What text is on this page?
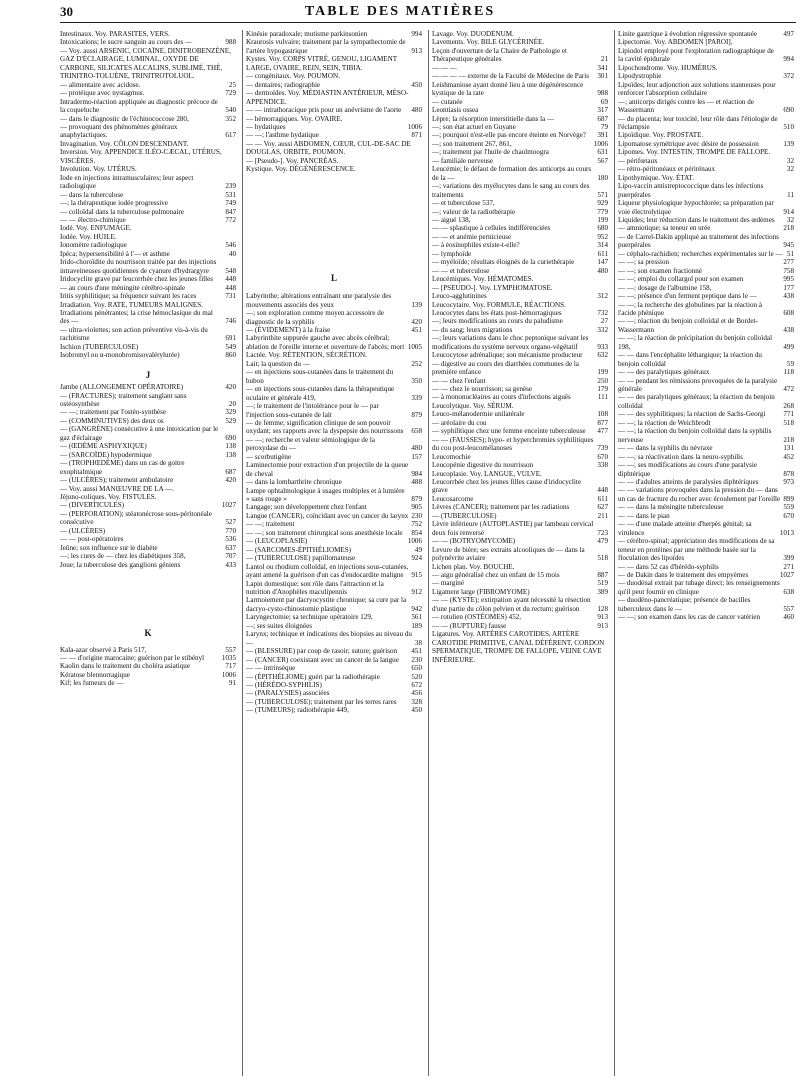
30	TABLE DES MATIÈRES
Intestinaux. Voy. PARASITES, VERS.
Intoxications; le sucre sanguin au cours des —	988
— Voy. aussi ARSENIC, COCAÏNE, DINITROBENZÈNE, GAZ D'ÉCLAIRAGE, LUMINAL, OXYDE DE CARBONE, SILICATES ALCALINS, SUBLIMÉ, THÉ, TRINITRO-TOLUÈNE, TRINITROTOLUOL.
— alimentaire avec acidose.	25
— protéique avec nystagmus.	729
Intradermo-réaction appliquée au diagnostic précoce de la coqueluche	540
— dans le diagnostic de l'échinococcose 280,	352
— provoquant des phénomènes généraux anaphylactiques.	617
Invagination. Voy. CÔLON DESCENDANT.
Inversion. Voy. APPENDICE ILÉO-CÆCAL, UTÉRUS, VISCÈRES.
Involution. Voy. UTÉRUS.
Iode en injections intramusculaires; leur aspect radiologique	239
— dans la tuberculose	531
—; la thérapeutique iodée progressive	749
— colloïdal dans la tuberculose pulmonaire	847
— — électro-chimique	772
Iodé. Voy. ENFUMAGE.
Iodée. Voy. HUILE.
Ionomètre radiologique	546
Ipéca; hypersensibilité à l'— et asthme	40
Irido-choroïdite du nourrisson traitée par des injections intraveineuses quotidiennes de cyanure d'hydrargyre	548
Iridocyclite grave par leucorrhée chez les jeunes filles	448
— au cours d'une méningite cérébro-spinale	448
Iritis syphilitique; sa fréquence suivant les races	731
Irradiation. Voy. RATE, TUMEURS MALIGNES.
Irradiations pénétrantes; la crise hémoclasique du mal des —	746
— ultra-violettes; son action préventive vis-à-vis du rachitisme	691
Ischion (TUBERCULOSE)	549
Isobromyl ou α-monobromisovalérylurée)	860
J
Jambe (ALLONGEMENT OPÉRATOIRE)	420
— (FRACTURES); traitement sanglant sans ostéosynthèse	20
— —; traitement par l'ostéo-synthèse	329
— (COMMINUTIVES) des deux os	529
— (GANGRÈNE) consécutive à une intoxication par le gaz d'éclairage	690
— (ŒDÈME ASPHYXIQUE)	138
— (SARCOÏDE) hypodermique	138
— (TROPHŒDÈME) dans un cas de goitre exophtalmique	687
— (ULCÈRES); traitement ambulatoire	420
— Voy. aussi MANŒUVRE DE LA —.
Jéjuno-coliques. Voy. FISTULES.
— (DIVERTICULES)	1027
— (PERFORATION); stéatonécrose sous-péritonéale consécutive	527
— (ULCÈRES)	770
— — post-opératoires	536
Jeûne; son influence sur le diabète	637
—; les cures de — chez les diabétiques 358,	707
Joue; la tuberculose des ganglions géniens	433
K
Kala-azar observé à Paris 517,	557
— — d'origine marocaine; guérison par le stibényl	1035
Kaolin dans le traitement du choléra asiatique	717
Kératose blennorragique	1006
Kif; les fumeurs de —	91
Kinésie paradoxale; mutisme parkinsonien	994
Kraurosis vulvaire; traitement par la sympathectomie de l'artère hypogastrique	913
Kystes. Voy. CORPS VITRÉ, GENOU, LIGAMENT LARGE, OVAIRE, REIN, SEIN, TIBIA.
— congénitaux. Voy. POUMON.
— dentaires; radiographie	450
— dermoïdes. Voy. MÉDIASTIN ANTÉRIEUR, MÉSO-APPENDICE.
— — intrathoracique pris pour un anévrisme de l'aorte	480
— hémorragiques. Voy. OVAIRE.
— hydatiques	1006
— —; l'asthme hydatique	871
— — Voy. aussi ABDOMEN, CŒUR, CUL-DE-SAC DE DOUGLAS, ORBITE, POUMON.
— [Pseudo-]. Voy. PANCRÉAS.
Kystique. Voy. DÉGÉNÉRESCENCE.
L
Labyrinthe; altérations entraînant une paralysie des mouvements associés des yeux	139
—; son exploration comme moyen accessoire de diagnostic de la syphilis	420
— (ÉVIDEMENT) à la fraise	451
Labyrinthite suppurée gauche avec abcès cérébral; ablation de l'oreille interne et ouverture de l'abcès; mort 1005
Lactée. Voy. RÉTENTION, SÉCRÉTION.
Lait; la question du —	252
— en injections sous-cutanées dans le traitement du bubon	350
— en injections sous-cutanées dans la thérapeutique oculaire et générale 419,	339
—; le traitement de l'intolérance pour le — par l'injection sous-cutanée de lait	879
— de femme; signification clinique de son pouvoir oxydant; ses rapports avec la dyspepsie des nourrissons	658
— —; recherche et valeur sémiologique de la peroxydase du —	480
— scorbutigène	157
Laminectomie pour extraction d'un projectile de la queue de cheval	984
— dans la lombarthrite chronique	488
Lampe ophtalmologique à usages multiples et à lumière « sans rouge »	879
Langage; son développement chez l'enfant	905
Langue (CANCER), coïncidant avec un cancer du larynx 230
— —; traitement	752
— —; son traitement chirurgical sous anesthésie locale	854
— (LEUCOPLASIE)	1006
— (SARCOMES-ÉPITHÉLIOMES)	49
— (TUBERCULOSE) papillomateuse	924
Lantol ou rhodium colloïdal, en injections sous-cutanées, ayant amené la guérison d'un cas d'endocardite maligne	915
Lapin domestique; son rôle dans l'attraction et la nutrition d'Anophèles maculipennis	912
Larmoiement par dacryocystite chronique; sa cure par la dacryo-cysto-rhinostomie plastique	942
Laryngectomie; sa technique opératoire 129,	561
—; ses suites éloignées	189
Larynx; technique et indications des biopsies au niveau du —	38
— (BLESSURE) par coup de rasoir; suture; guérison	451
— (CANCER) coexistant avec un cancer de la langue	230
— — intrinsèque	650
— (ÉPITHÉLIOME) guéri par la radiothérapie	520
— (HÉRÉDO-SYPHILIS)	672
— (PARALYSIES) associées	456
— (TUBERCULOSE); traitement par les terres rares	328
— (TUMEURS); radiothérapie 449,	450
Lavage. Voy. DUODÉNUM.
Lavements. Voy. BILE GLYCÉRINÉE.
Leçon d'ouverture de la Chaire de Pathologie et Thérapeutique générales	21
— — —	341
— — — — externe de la Faculté de Médecine de Paris	301
Leishmaniose ayant donné lieu à une dégénérescence kystique de la rate	988
— cutanée	69
Leontiasis ossea	317
Lèpre; la résorption interstitielle dans la —	687
—; son état actuel en Guyane	79
—; pourquoi n'est-elle pas encore éteinte en Norvège?	391
—; son traitement 267, 861,	1006
—; traitement par l'huile de chaulmoogra	631
— familiale nerveuse	567
Leucémie; le défaut de formation des anticorps au cours de la —	180
—; variations des myélocytes dans le sang au cours des traitements	571
— et tuberculose 537,	929
—; valeur de la radiothérapie	779
— aiguë 138,	199
— — splastique à cellules indifférenciées	680
— — et anémie pernicieuse	952
— à éosinophiles existe-t-elle?	314
— lymphoïde	611
— myéloïde; résultats éloignés de la curiethérapie	147
— — et tuberculose	480
Leucémiques. Voy. HÉMATOMES.
— [PSEUDO-]. Voy. LYMPHOMATOSE.
Leuco-agglutinines	312
Leucocytaire. Voy. FORMULE, RÉACTIONS.
Leucocytes dans les états post-hémorragiques	732
—; leurs modifications au cours du paludisme	27
— du sang; leurs migrations	332
—; leurs variations dans le choc peptonique suivant les modifications du système nerveux organo-végétatif	933
Leucocytose adrénalique; son mécanisme producteur	632
— digestive au cours des diarrhées communes de la première enfance	199
— — chez l'enfant	250
— — chez le nourrisson; sa genèse	179
— à mononucléaires au cours d'infections aiguës	111
Leucolytique. Voy. SÉRUM.
Leuco-mélanodermie unilatérale	108
— aréolaire du cou	877
— syphilitique chez une femme enceinte tuberculeuse	477
— — (FAUSSES); hypo- et hyperchromies syphilitiques du cou post-leucomélanoses	739
Leucomochie	670
Leucopénie digestive du nourrisson	338
Leucoplasie. Voy. LANGUE, VULVE.
Leucorrhée chez les jeunes filles cause d'iridocyclite grave	448
Leucosarcome	611
Lèvres (CANCER); traitement par les radiations	627
— (TUBERCULOSE)	211
Lèvre inférieure (AUTOPLASTIE) par lambeau cervical deux fois renversé	723
— — (BOTRYOMYCOME)	479
Levure de bière; ses extraits alcooliques de — dans la polynévrite aviaire	518
Lichen plan. Voy. BOUCHE.
— aigu généralisé chez un enfant de 15 mois	887
— marginé	519
Ligament large (FIBROMYOME)	389
— — (KYSTE); extirpation ayant nécessité la résection d'une partie du côlon pelvien et du rectum; guérison	128
— rotulien (OSTÉOMES) 452,	913
— — (RUPTURE) fausse	913
Ligatures. Voy. ARTÈRES CAROTIDES, ARTÈRE CAROTIDE PRIMITIVE, CANAL DÉFÉRENT, CORDON SPERMATIQUE, TROMPE DE FALLOPE, VEINE CAVE INFÉRIEURE.
Linite gastrique à évolution régressive spontanée	497
Lipectomie. Voy. ABDOMEN [PAROI].
Lipiodol employé pour l'exploration radiographique de la cavité épidurale	994
Lipochondrome. Voy. HUMÉRUS.
Lipodystrophie	372
Lipoïdes; leur adjonction aux solutions stanneuses pour renforcer l'absorption cellulaire
—; anticorps dirigés contre les — et réaction de Wassermann	690
— du placenta; leur toxicité, leur rôle dans l'étiologie de l'éclampsie	510
Lipoïdique. Voy. PROSTATE.
Lipomatose symétrique avec désire de possession	139
Lipomes. Voy. INTESTIN, TROMPE DE FALLOPE.
— périfœtaux	32
— rétro-péritonéaux et périrénaux	32
Lipothymique. Voy. ÉTAT.
Lipo-vaccin antistreptococcique dans les infections puerpérales	11
Liqueur physiologique hypochlorée; sa préparation par voie électrolytique	914
Liquides; leur réduction dans le traitement des œdèmes	32
— amniotique; sa teneur en urée	218
— de Carrel-Dakin appliqué au traitement des infections puerpérales	945
— céphalo-rachidien; recherches expérimentales sur le — 51
— —; sa pression	277
— —; son examen fractionné	758
— —; emploi du collargol pour son examen	995
— —; dosage de l'albumine 158,	177
— —; présence d'un ferment peptique dans le —	438
— —; la recherche des globulines par la réaction à l'acide phénique	608
— —; réaction du benjoin colloïdal et de Bordet-Wassermann	438
— —; la réaction de précipitation du benjoin colloïdal 198,	499
— — dans l'encéphalite léthargique; la réaction du benjoin colloïdal	59
— — des paralytiques généraux	118
— — pendant les rémissions provoquées de la paralysie générale	472
— — des paralytiques généraux; la réaction du benjoin colloïdal	268
— — des syphilitiques; la réaction de Sachs-Georgi	771
— —; la réaction de Weichbrodt	518
— —; la réaction du benjoin colloïdal dans la syphilis nerveuse	218
— — dans la syphilis du névraxe	131
— —; sa réactivation dans la neuro-syphilis	452
— —; ses modifications au cours d'une paralysie diphtérique	878
— — d'adultes atteints de paralysies diphtériques	973
— — variations provoquées dans la pression du — dans un cas de fracture du rocher avec écoulement par l'oreille 899
— — dans la méningite tuberculeuse	559
— — dans le pian	670
— — d'une malade atteinte d'herpès génital; sa virulence	1013
— cérébro-spinal; appréciation des modifications de sa teneur en protéines par une méthode basée sur la floculation des lipoïdes	399
— — dans 52 cas d'hérédo-syphilis	271
— de Dakin dans le traitement des empyèmes	1027
— duodénal extrait par tubage direct; les renseignements qu'il peut fournir en clinique	638
— duodéno-pancréatique; présence de bacilles tuberculeux dans le —	557
— —; son examen dans les cas de cancer vatérien	460
